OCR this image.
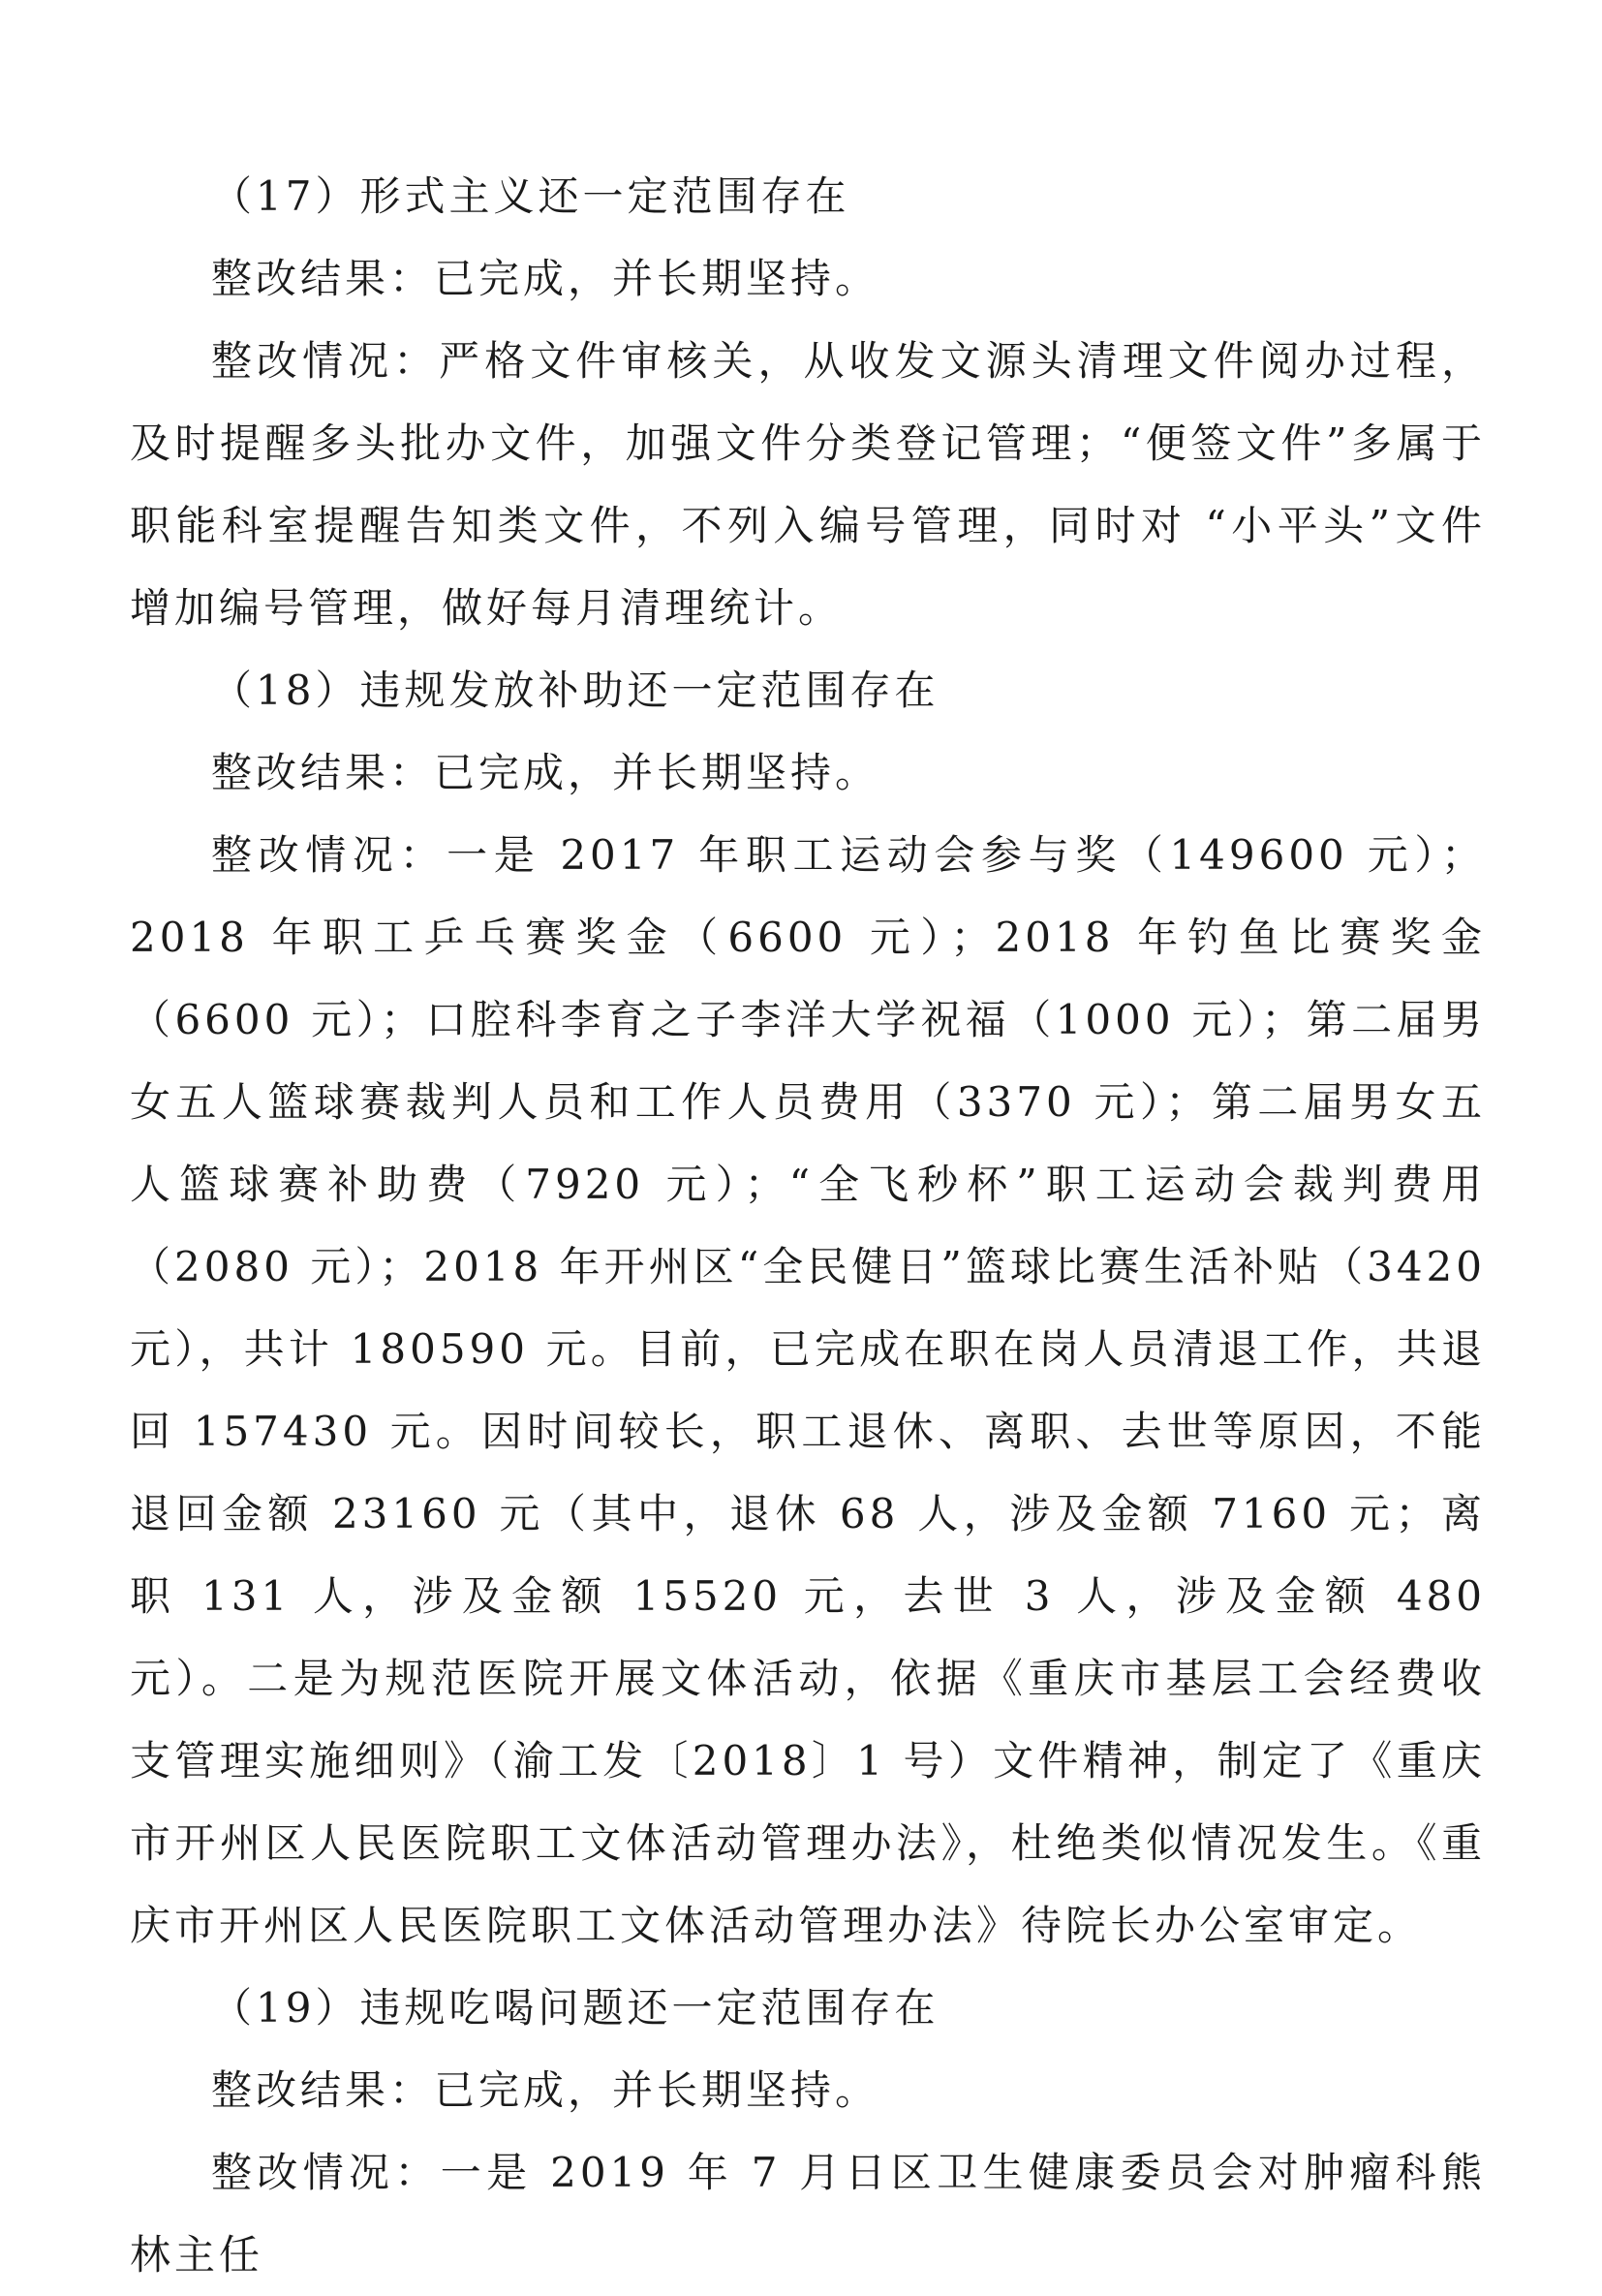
（17）形式主义还一定范围存在

整改结果：已完成，并长期坚持。

整改情况：严格文件审核关，从收发文源头清理文件阅办过程，及时提醒多头批办文件，加强文件分类登记管理；“便签文件”多属于职能科室提醒告知类文件，不列入编号管理，同时对 “小平头”文件增加编号管理，做好每月清理统计。

（18）违规发放补助还一定范围存在

整改结果：已完成，并长期坚持。

整改情况：一是 2017 年职工运动会参与奖（149600 元）；2018 年职工乒乓赛奖金（6600 元）；2018 年钓鱼比赛奖金（6600 元）；口腔科李育之子李洋大学祝福（1000 元）；第二届男女五人篮球赛裁判人员和工作人员费用（3370 元）；第二届男女五人篮球赛补助费（7920 元）；“全飞秒杯”职工运动会裁判费用（2080 元）；2018 年开州区“全民健日”篮球比赛生活补贴（3420 元），共计 180590 元。目前，已完成在职在岗人员清退工作，共退回 157430 元。因时间较长，职工退休、离职、去世等原因，不能退回金额 23160 元（其中，退休 68 人，涉及金额 7160 元；离职 131 人，涉及金额 15520 元，去世 3 人，涉及金额 480 元）。二是为规范医院开展文体活动，依据《重庆市基层工会经费收支管理实施细则》（渝工发〔2018〕1 号）文件精神，制定了《重庆市开州区人民医院职工文体活动管理办法》，杜绝类似情况发生。《重庆市开州区人民医院职工文体活动管理办法》待院长办公室审定。

（19）违规吃喝问题还一定范围存在

整改结果：已完成，并长期坚持。

整改情况：一是 2019 年 7 月日区卫生健康委员会对肿瘤科熊林主任
